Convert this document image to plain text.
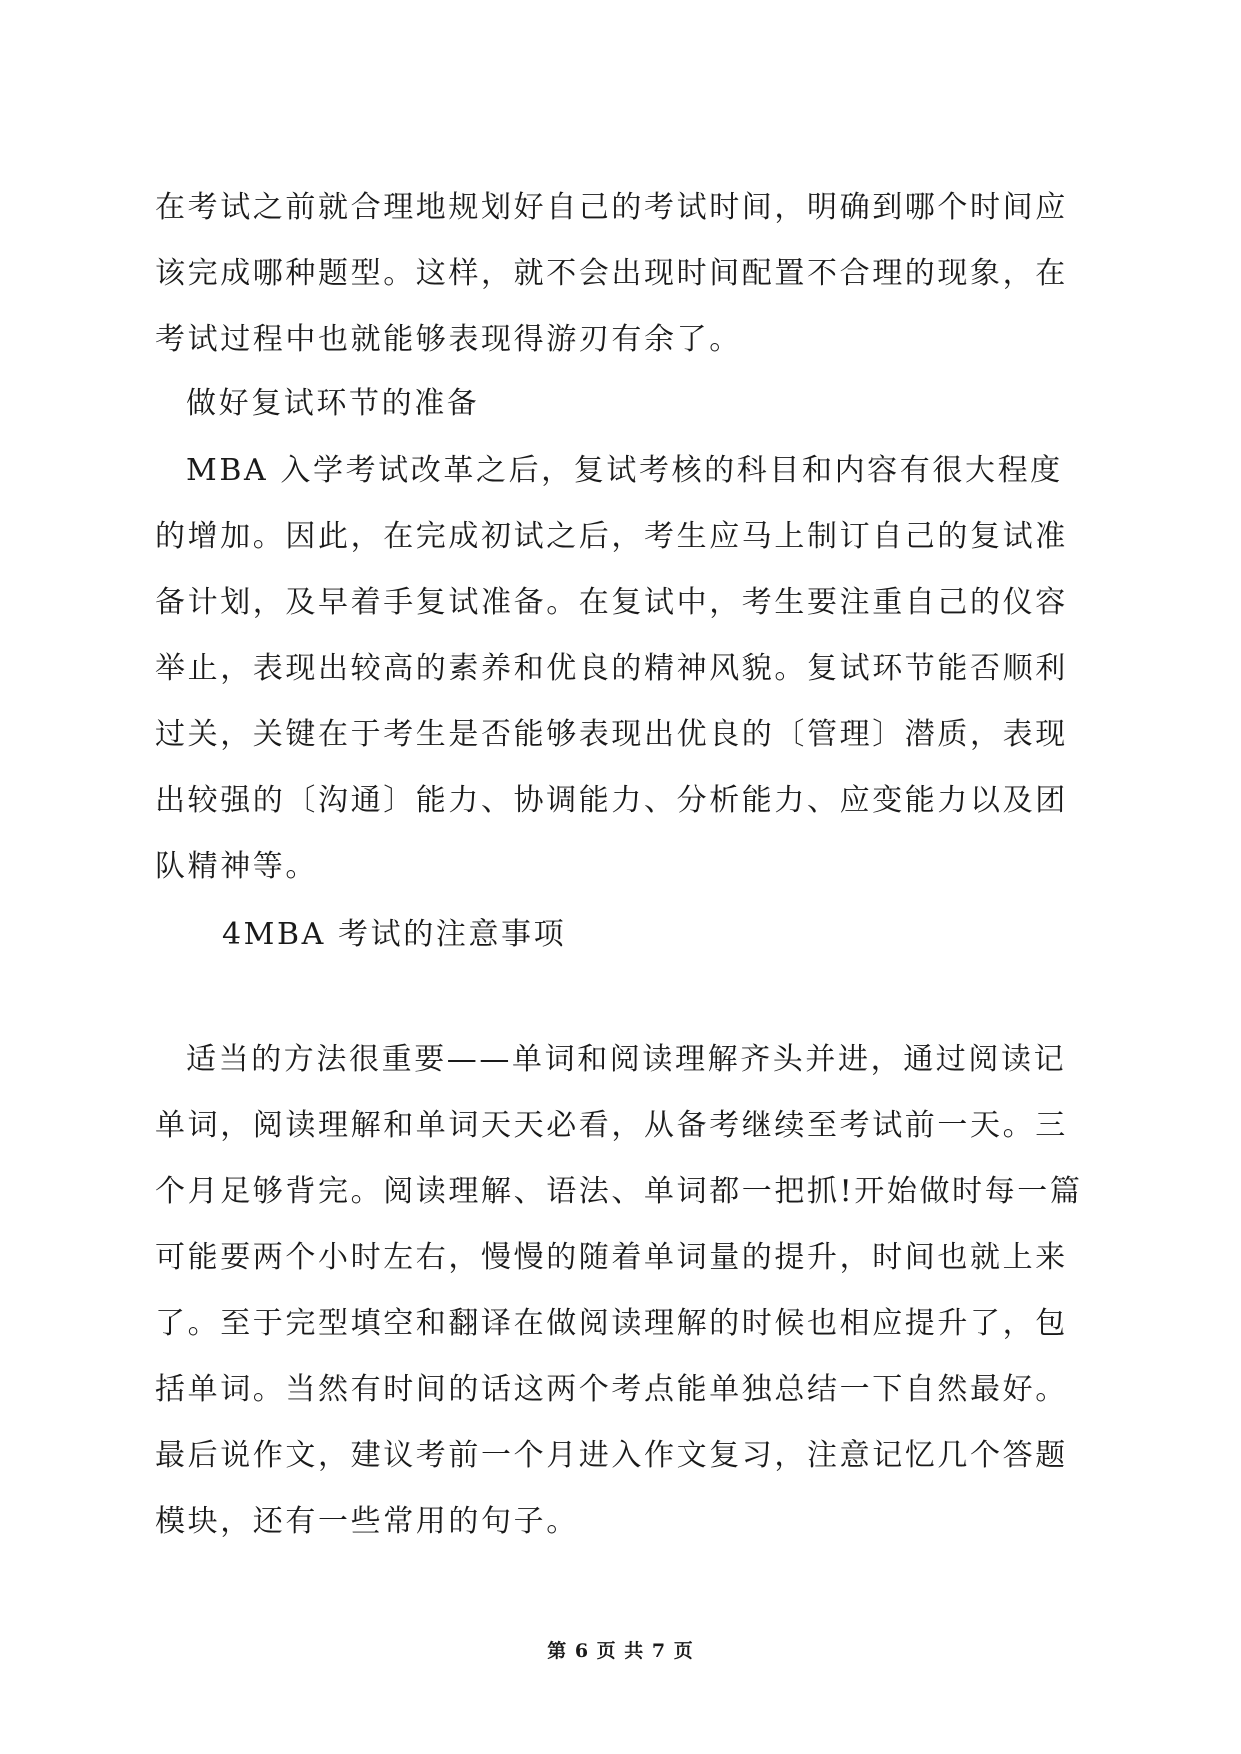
在考试之前就合理地规划好自己的考试时间，明确到哪个时间应该完成哪种题型。这样，就不会出现时间配置不合理的现象，在考试过程中也就能够表现得游刃有余了。

做好复试环节的准备

MBA 入学考试改革之后，复试考核的科目和内容有很大程度的增加。因此，在完成初试之后，考生应马上制订自己的复试准备计划，及早着手复试准备。在复试中，考生要注重自己的仪容举止，表现出较高的素养和优良的精神风貌。复试环节能否顺利过关，关键在于考生是否能够表现出优良的〔管理〕潜质，表现出较强的〔沟通〕能力、协调能力、分析能力、应变能力以及团队精神等。

4MBA 考试的注意事项

适当的方法很重要——单词和阅读理解齐头并进，通过阅读记单词，阅读理解和单词天天必看，从备考继续至考试前一天。三个月足够背完。阅读理解、语法、单词都一把抓!开始做时每一篇可能要两个小时左右，慢慢的随着单词量的提升，时间也就上来了。至于完型填空和翻译在做阅读理解的时候也相应提升了，包括单词。当然有时间的话这两个考点能单独总结一下自然最好。最后说作文，建议考前一个月进入作文复习，注意记忆几个答题模块，还有一些常用的句子。

第 6 页 共 7 页
